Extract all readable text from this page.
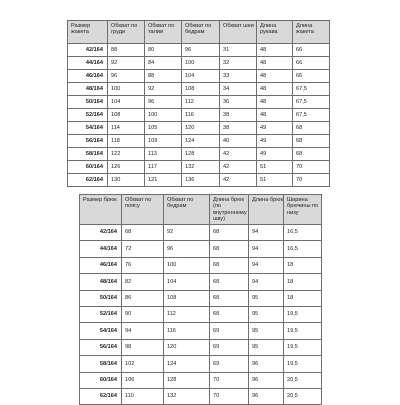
Размер жакета	Обхват по груди	Обхват по талии	Обхват по бедрам	Обхват шеи	Длина рукава	Длина жакета
42/164	88	80	96	31	48	66
44/164	92	84	100	32	48	66
46/164	96	88	104	33	48	66
48/164	100	92	108	34	48	67,5
50/164	104	96	112	36	48	67,5
52/164	108	100	116	38	48	67,5
54/164	114	105	120	38	49	68
56/164	118	109	124	40	49	68
58/164	122	113	128	42	49	68
60/164	126	117	132	42	51	70
62/164	130	121	136	42	51	70
Размер брюк	Обхват по поясу	Обхват по бедрам	Длина брюк (по внутреннему шву)	Длина брюк	Ширина брючины по низу
42/164	68	92	68	94	16,5
44/164	72	96	68	94	16,5
46/164	76	100	68	94	18
48/164	82	104	68	94	18
50/164	86	108	68	95	18
52/164	90	112	68	95	19,5
54/164	94	116	69	95	19,5
56/164	98	120	69	95	19,5
58/164	102	124	69	96	19,5
60/164	106	128	70	96	20,5
62/164	110	132	70	96	20,5
